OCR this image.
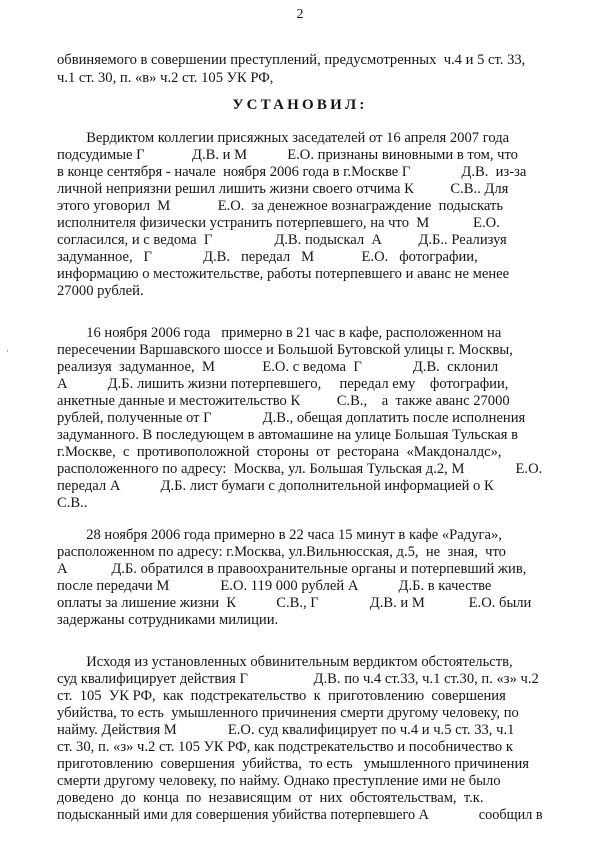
2
обвиняемого в совершении преступлений, предусмотренных  ч.4 и 5 ст. 33,
ч.1 ст. 30, п. «в» ч.2 ст. 105 УК РФ,
УСТАНОВИЛ:
Вердиктом коллегии присяжных заседателей от 16 апреля 2007 года
подсудимые Г             Д.В. и М           Е.О. признаны виновными в том, что
в конце сентября - начале  ноября 2006 года в г.Москве Г              Д.В.  из-за
личной неприязни решил лишить жизни своего отчима К          С.В.. Для
этого уговорил  М             Е.О.  за денежное вознаграждение  подыскать
исполнителя физически устранить потерпевшего, на что  М            Е.О.
согласился, и с ведома  Г                 Д.В. подыскал  А          Д.Б.. Реализуя
задуманное,   Г              Д.В.   передал   М             Е.О.   фотографии,
информацию о местожительстве, работы потерпевшего и аванс не менее
27000 рублей.
·
16 ноября 2006 года   примерно в 21 час в кафе, расположенном на
пересечении Варшавского шоссе и Большой Бутовской улицы г. Москвы,
реализуя  задуманное,  М             Е.О. с ведома  Г              Д.В.  склонил
А           Д.Б. лишить жизни потерпевшего,     передал ему    фотографии,
анкетные данные и местожительство К          С.В.,    а  также аванс 27000
рублей, полученные от Г              Д.В., обещая доплатить после исполнения
задуманного. В последующем в автомашине на улице Большая Тульская в
г.Москве,  с  противоположной  стороны  от  ресторана  «Макдоналдс»,
расположенного по адресу:  Москва, ул. Большая Тульская д.2, М              Е.О.
передал А           Д.Б. лист бумаги с дополнительной информацией о К
С.В..
28 ноября 2006 года примерно в 22 часа 15 минут в кафе «Радуга»,
расположенном по адресу: г.Москва, ул.Вильнюсская, д.5,  не  зная,  что
А            Д.Б. обратился в правоохранительные органы и потерпевший жив,
после передачи М              Е.О. 119 000 рублей А           Д.Б. в качестве
оплаты за лишение жизни  К           С.В., Г              Д.В. и М            Е.О. были
задержаны сотрудниками милиции.
Исходя из установленных обвинительным вердиктом обстоятельств,
суд квалифицирует действия Г                  Д.В. по ч.4 ст.33, ч.1 ст.30, п. «з» ч.2
ст.  105  УК РФ,  как  подстрекательство  к  приготовлению  совершения
убийства, то есть  умышленного причинения смерти другому человеку, по
найму. Действия М              Е.О. суд квалифицирует по ч.4 и ч.5 ст. 33, ч.1
ст. 30, п. «з» ч.2 ст. 105 УК РФ, как подстрекательство и пособничество к
приготовлению  совершения  убийства,  то есть   умышленного причинения
смерти другому человеку, по найму. Однако преступление ими не было
доведено  до  конца  по  независящим  от  них  обстоятельствам,  т.к.
подысканный ими для совершения убийства потерпевшего А              сообщил в
